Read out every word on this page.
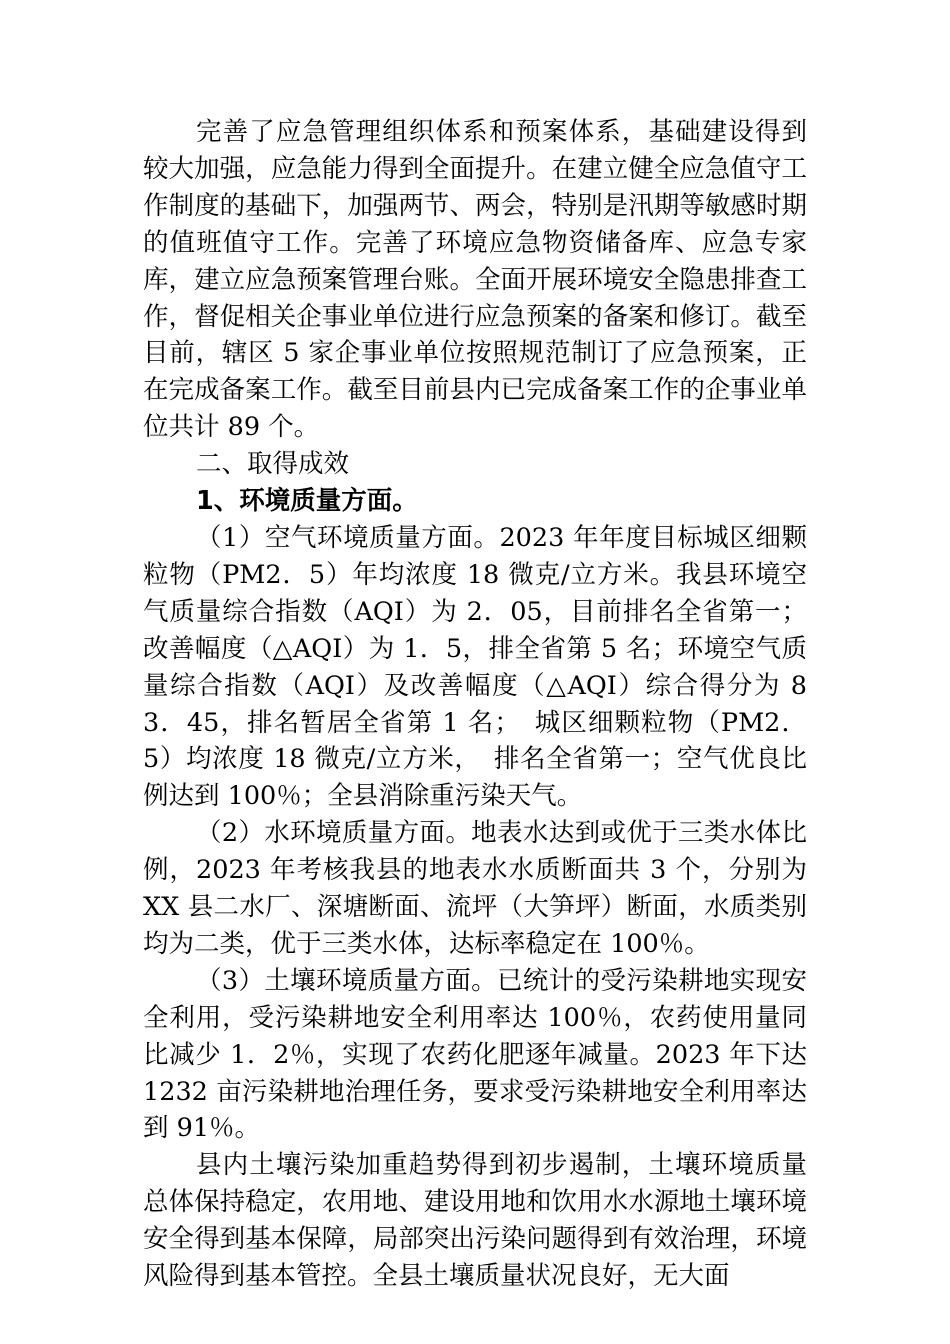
完善了应急管理组织体系和预案体系，基础建设得到较大加强，应急能力得到全面提升。在建立健全应急值守工作制度的基础下，加强两节、两会，特别是汛期等敏感时期的值班值守工作。完善了环境应急物资储备库、应急专家库，建立应急预案管理台账。全面开展环境安全隐患排查工作，督促相关企事业单位进行应急预案的备案和修订。截至目前，辖区 5 家企事业单位按照规范制订了应急预案，正在完成备案工作。截至目前县内已完成备案工作的企事业单位共计 89 个。

二、取得成效

1、环境质量方面。

（1）空气环境质量方面。2023 年年度目标城区细颗粒物（PM2．5）年均浓度 18 微克/立方米。我县环境空气质量综合指数（AQI）为 2．05，目前排名全省第一；改善幅度（△AQI）为 1．5，排全省第 5 名；环境空气质量综合指数（AQI）及改善幅度（△AQI）综合得分为 83．45，排名暂居全省第 1 名；　城区细颗粒物（PM2．5）均浓度 18 微克/立方米，　排名全省第一；空气优良比例达到 100％；全县消除重污染天气。

（2）水环境质量方面。地表水达到或优于三类水体比例，2023 年考核我县的地表水水质断面共 3 个，分别为 XX 县二水厂、深塘断面、流坪（大笋坪）断面，水质类别均为二类，优于三类水体，达标率稳定在 100％。

（3）土壤环境质量方面。已统计的受污染耕地实现安全利用，受污染耕地安全利用率达 100％，农药使用量同比减少 1．2％，实现了农药化肥逐年减量。2023 年下达 1232 亩污染耕地治理任务，要求受污染耕地安全利用率达到 91％。

县内土壤污染加重趋势得到初步遏制，土壤环境质量总体保持稳定，农用地、建设用地和饮用水水源地土壤环境安全得到基本保障，局部突出污染问题得到有效治理，环境风险得到基本管控。全县土壤质量状况良好，无大面
